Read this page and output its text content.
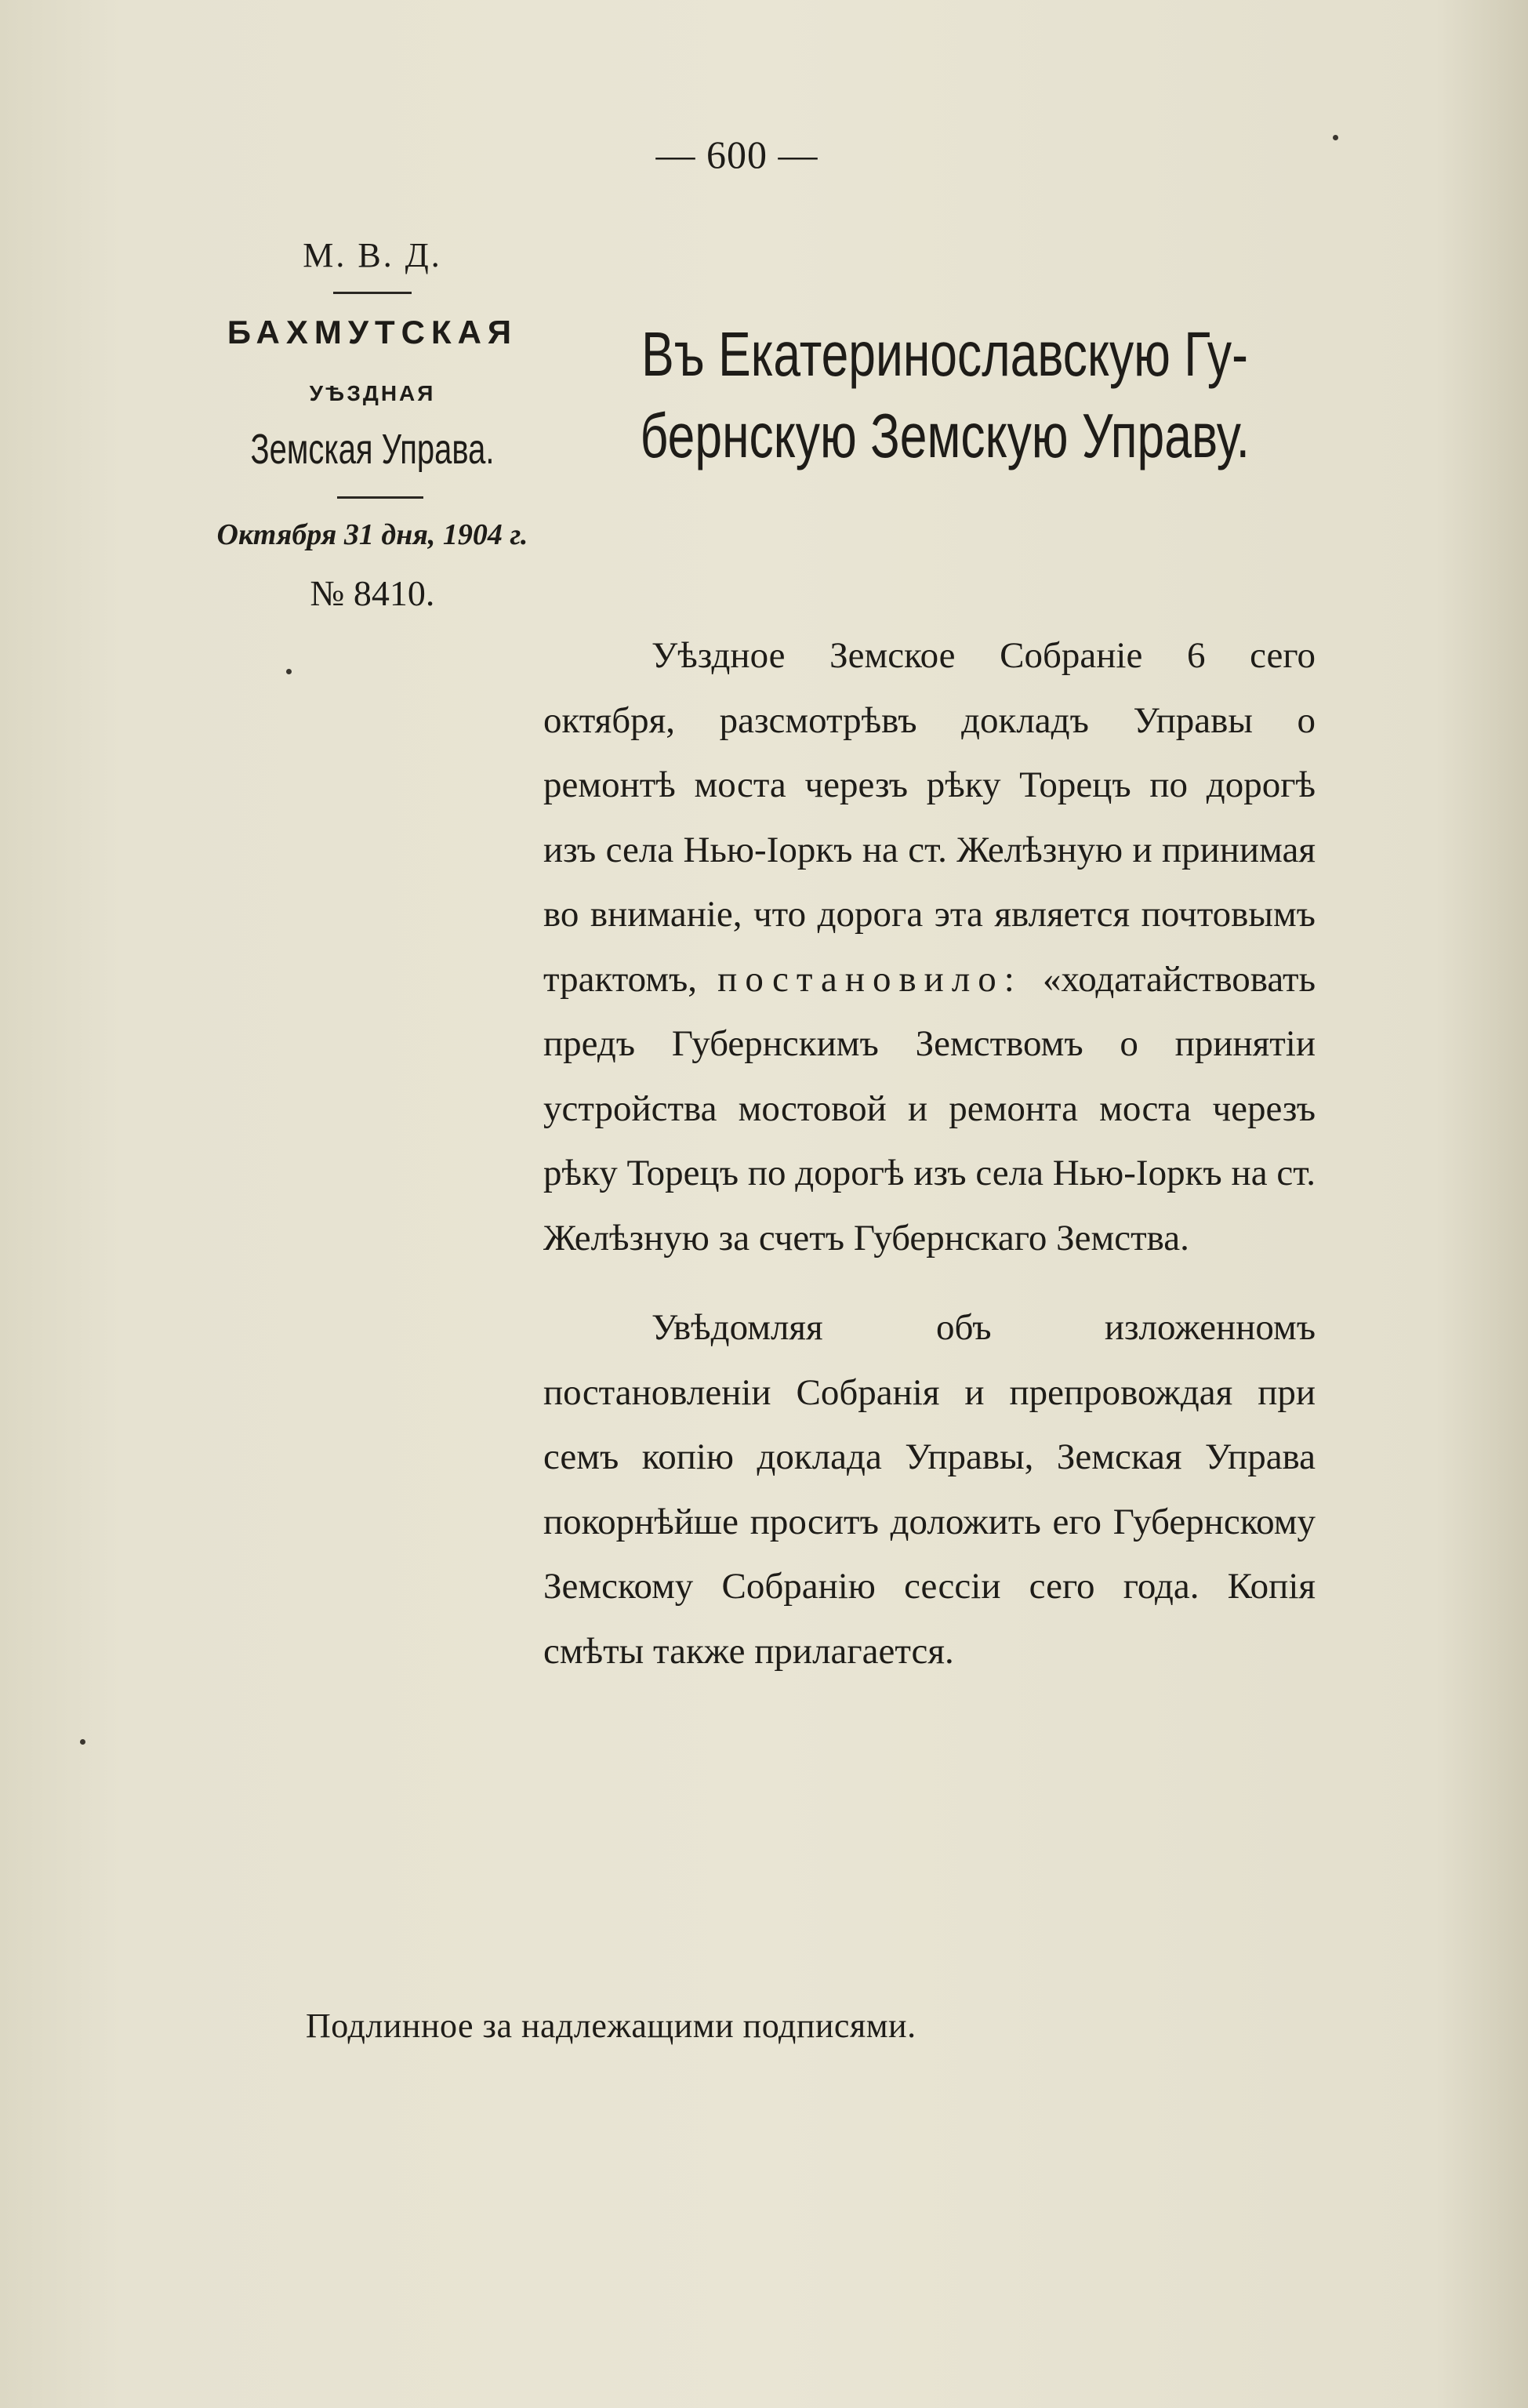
— 600 —
М. В. Д.
БАХМУТСКАЯ
УѢЗДНАЯ
Земская Управа.
Октября 31 дня, 1904 г.
№ 8410.
Въ Екатеринославскую Гу-
бернскую Земскую Управу.

Уѣздное Земское Собраніе 6 сего октября, разсмотрѣвъ докладъ Управы о ремонтѣ моста черезъ рѣку Торецъ по дорогѣ изъ села Нью-Іоркъ на ст. Желѣзную и принимая во вниманіе, что дорога эта является почтовымъ трактомъ, постановило: «ходатайствовать предъ Губернскимъ Земствомъ о принятіи устройства мостовой и ремонта моста черезъ рѣку Торецъ по дорогѣ изъ села Нью-Іоркъ на ст. Желѣзную за счетъ Губернскаго Земства.

Увѣдомляя объ изложенномъ постановленіи Собранія и препровождая при семъ копію доклада Управы, Земская Управа покорнѣйше проситъ доложить его Губернскому Земскому Собранію сессіи сего года. Копія смѣты также прилагается.

Подлинное за надлежащими подписями.
